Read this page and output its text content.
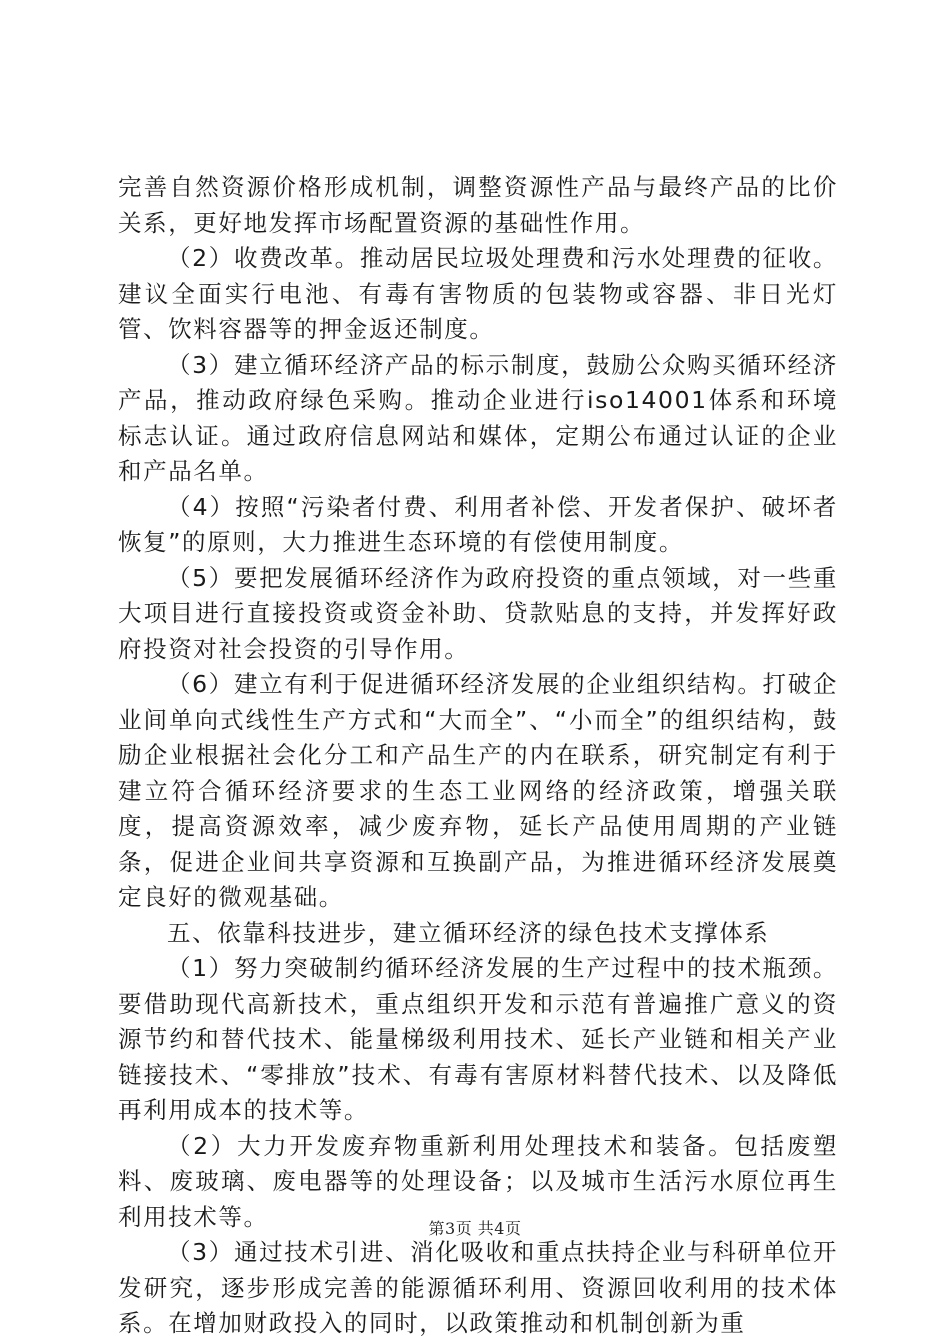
完善自然资源价格形成机制，调整资源性产品与最终产品的比价关系，更好地发挥市场配置资源的基础性作用。

（2）收费改革。推动居民垃圾处理费和污水处理费的征收。建议全面实行电池、有毒有害物质的包装物或容器、非日光灯管、饮料容器等的押金返还制度。

（3）建立循环经济产品的标示制度，鼓励公众购买循环经济产品，推动政府绿色采购。推动企业进行iso14001体系和环境标志认证。通过政府信息网站和媒体，定期公布通过认证的企业和产品名单。

（4）按照“污染者付费、利用者补偿、开发者保护、破坏者恢复”的原则，大力推进生态环境的有偿使用制度。

（5）要把发展循环经济作为政府投资的重点领域，对一些重大项目进行直接投资或资金补助、贷款贴息的支持，并发挥好政府投资对社会投资的引导作用。

（6）建立有利于促进循环经济发展的企业组织结构。打破企业间单向式线性生产方式和“大而全”、“小而全”的组织结构，鼓励企业根据社会化分工和产品生产的内在联系，研究制定有利于建立符合循环经济要求的生态工业网络的经济政策，增强关联度，提高资源效率，减少废弃物，延长产品使用周期的产业链条，促进企业间共享资源和互换副产品，为推进循环经济发展奠定良好的微观基础。

五、依靠科技进步，建立循环经济的绿色技术支撑体系

（1）努力突破制约循环经济发展的生产过程中的技术瓶颈。要借助现代高新技术，重点组织开发和示范有普遍推广意义的资源节约和替代技术、能量梯级利用技术、延长产业链和相关产业链接技术、“零排放”技术、有毒有害原材料替代技术、以及降低再利用成本的技术等。

（2）大力开发废弃物重新利用处理技术和装备。包括废塑料、废玻璃、废电器等的处理设备；以及城市生活污水原位再生利用技术等。

（3）通过技术引进、消化吸收和重点扶持企业与科研单位开发研究，逐步形成完善的能源循环利用、资源回收利用的技术体系。在增加财政投入的同时，以政策推动和机制创新为重

第3页 共4页
